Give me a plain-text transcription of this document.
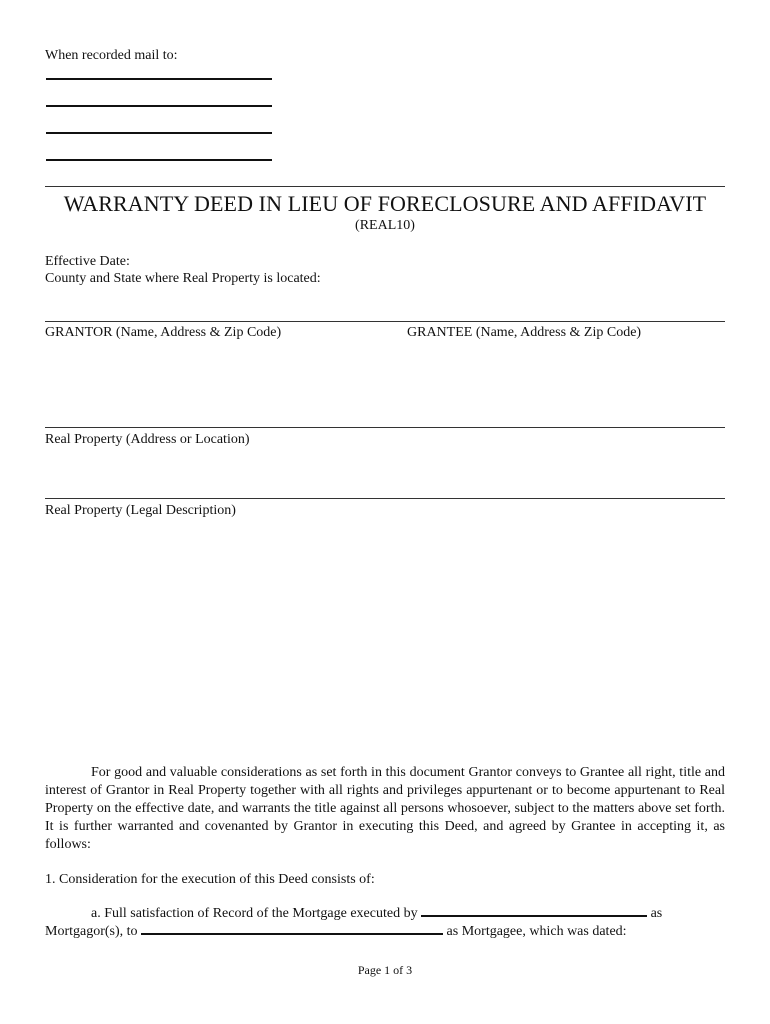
When recorded mail to:
WARRANTY DEED IN LIEU OF FORECLOSURE AND AFFIDAVIT
(REAL10)
Effective Date:
County and State where Real Property is located:
GRANTOR (Name, Address & Zip Code)	GRANTEE (Name, Address & Zip Code)
Real Property (Address or Location)
Real Property (Legal Description)
For good and valuable considerations as set forth in this document Grantor conveys to Grantee all right, title and interest of Grantor in Real Property together with all rights and privileges appurtenant or to become appurtenant to Real Property on the effective date, and warrants the title against all persons whosoever, subject to the matters above set forth. It is further warranted and covenanted by Grantor in executing this Deed, and agreed by Grantee in accepting it, as follows:
1. Consideration for the execution of this Deed consists of:
a. Full satisfaction of Record of the Mortgage executed by	as
Mortgagor(s), to	as Mortgagee, which was dated:
Page 1 of 3
